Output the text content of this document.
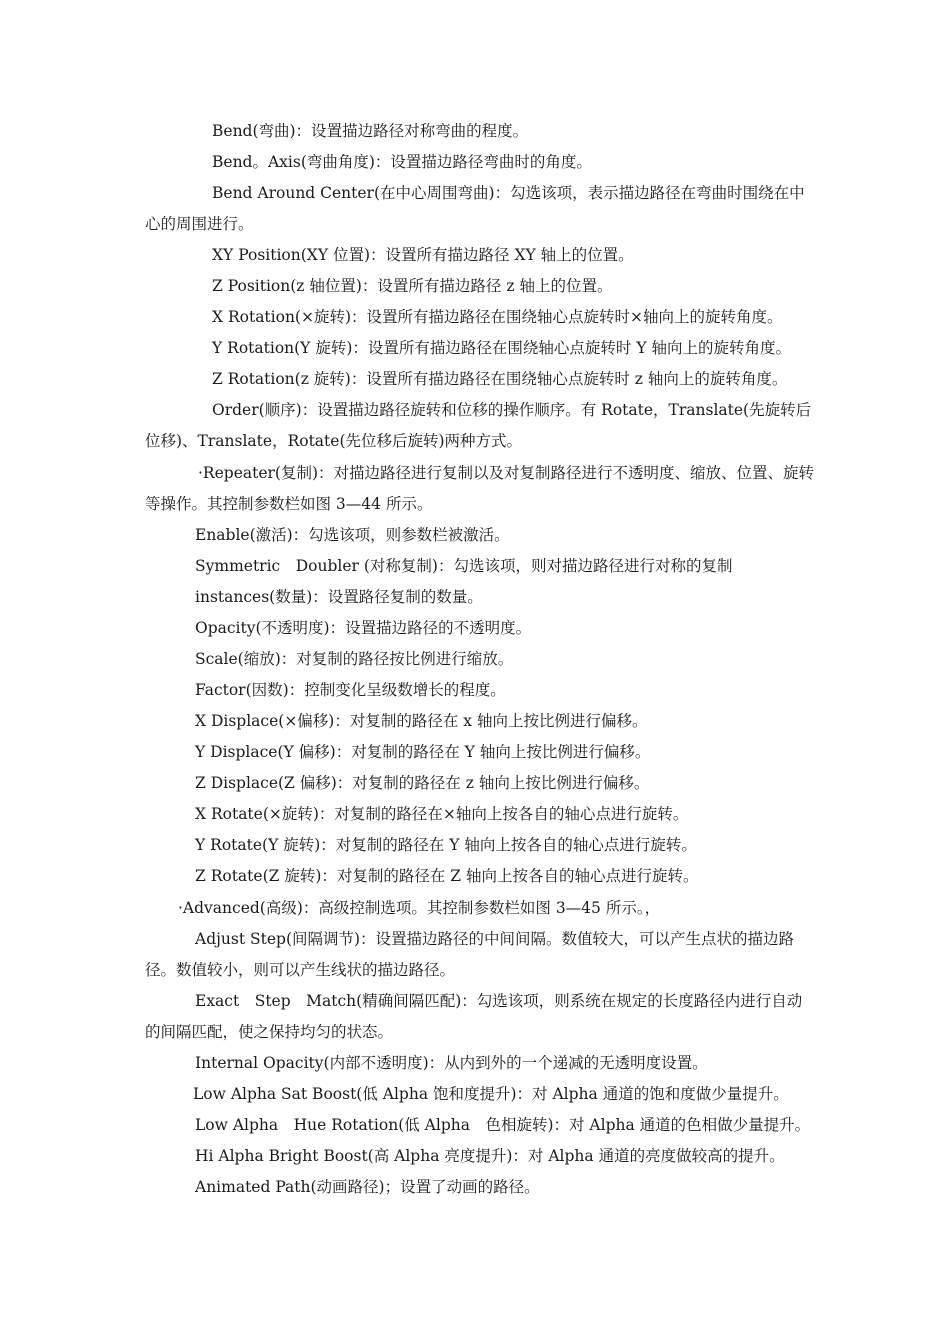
Bend(弯曲)：设置描边路径对称弯曲的程度。

Bend。Axis(弯曲角度)：设置描边路径弯曲时的角度。

Bend Around Center(在中心周围弯曲)：勾选该项，表示描边路径在弯曲时围绕在中心的周围进行。

XY Position(XY 位置)：设置所有描边路径 XY 轴上的位置。

Z Position(z 轴位置)：设置所有描边路径 z 轴上的位置。

X Rotation(×旋转)：设置所有描边路径在围绕轴心点旋转时×轴向上的旋转角度。

Y Rotation(Y 旋转)：设置所有描边路径在围绕轴心点旋转时 Y 轴向上的旋转角度。

Z Rotation(z 旋转)：设置所有描边路径在围绕轴心点旋转时 z 轴向上的旋转角度。

Order(顺序)：设置描边路径旋转和位移的操作顺序。有 Rotate，Translate(先旋转后位移)、Translate，Rotate(先位移后旋转)两种方式。

·Repeater(复制)：对描边路径进行复制以及对复制路径进行不透明度、缩放、位置、旋转等操作。其控制参数栏如图 3—44 所示。

Enable(激活)：勾选该项，则参数栏被激活。

Symmetric　Doubler (对称复制)：勾选该项，则对描边路径进行对称的复制

instances(数量)：设置路径复制的数量。

Opacity(不透明度)：设置描边路径的不透明度。

Scale(缩放)：对复制的路径按比例进行缩放。

Factor(因数)：控制变化呈级数增长的程度。

X Displace(×偏移)：对复制的路径在 x 轴向上按比例进行偏移。

Y Displace(Y 偏移)：对复制的路径在 Y 轴向上按比例进行偏移。

Z Displace(Z 偏移)：对复制的路径在 z 轴向上按比例进行偏移。

X Rotate(×旋转)：对复制的路径在×轴向上按各自的轴心点进行旋转。

Y Rotate(Y 旋转)：对复制的路径在 Y 轴向上按各自的轴心点进行旋转。

Z Rotate(Z 旋转)：对复制的路径在 Z 轴向上按各自的轴心点进行旋转。

·Advanced(高级)：高级控制选项。其控制参数栏如图 3—45 所示。，

Adjust Step(间隔调节)：设置描边路径的中间间隔。数值较大，可以产生点状的描边路径。数值较小，则可以产生线状的描边路径。

Exact　Step　Match(精确间隔匹配)：勾选该项，则系统在规定的长度路径内进行自动的间隔匹配，使之保持均匀的状态。

Internal Opacity(内部不透明度)：从内到外的一个递减的无透明度设置。

Low Alpha Sat Boost(低 Alpha 饱和度提升)：对 Alpha 通道的饱和度做少量提升。

Low Alpha　Hue Rotation(低 Alpha　色相旋转)：对 Alpha 通道的色相做少量提升。

Hi Alpha Bright Boost(高 Alpha 亮度提升)：对 Alpha 通道的亮度做较高的提升。

Animated Path(动画路径)；设置了动画的路径。
